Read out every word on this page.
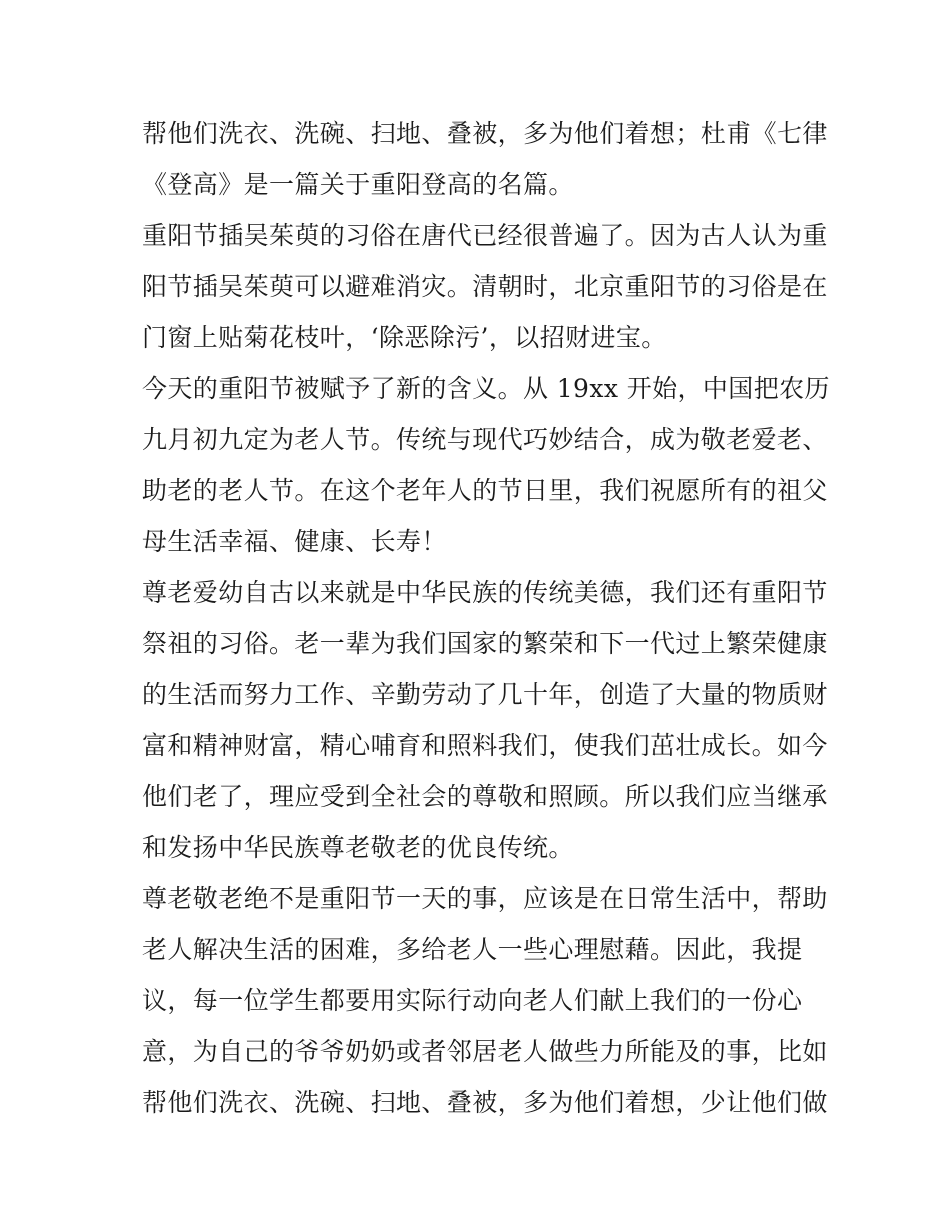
帮他们洗衣、洗碗、扫地、叠被，多为他们着想；杜甫《七律
《登高》是一篇关于重阳登高的名篇。
重阳节插吴茱萸的习俗在唐代已经很普遍了。因为古人认为重
阳节插吴茱萸可以避难消灾。清朝时，北京重阳节的习俗是在
门窗上贴菊花枝叶，‘除恶除污’，以招财进宝。
今天的重阳节被赋予了新的含义。从 19xx 开始，中国把农历
九月初九定为老人节。传统与现代巧妙结合，成为敬老爱老、
助老的老人节。在这个老年人的节日里，我们祝愿所有的祖父
母生活幸福、健康、长寿！
尊老爱幼自古以来就是中华民族的传统美德，我们还有重阳节
祭祖的习俗。老一辈为我们国家的繁荣和下一代过上繁荣健康
的生活而努力工作、辛勤劳动了几十年，创造了大量的物质财
富和精神财富，精心哺育和照料我们，使我们茁壮成长。如今
他们老了，理应受到全社会的尊敬和照顾。所以我们应当继承
和发扬中华民族尊老敬老的优良传统。
尊老敬老绝不是重阳节一天的事，应该是在日常生活中，帮助
老人解决生活的困难，多给老人一些心理慰藉。因此，我提
议，每一位学生都要用实际行动向老人们献上我们的一份心
意，为自己的爷爷奶奶或者邻居老人做些力所能及的事，比如
帮他们洗衣、洗碗、扫地、叠被，多为他们着想，少让他们做
